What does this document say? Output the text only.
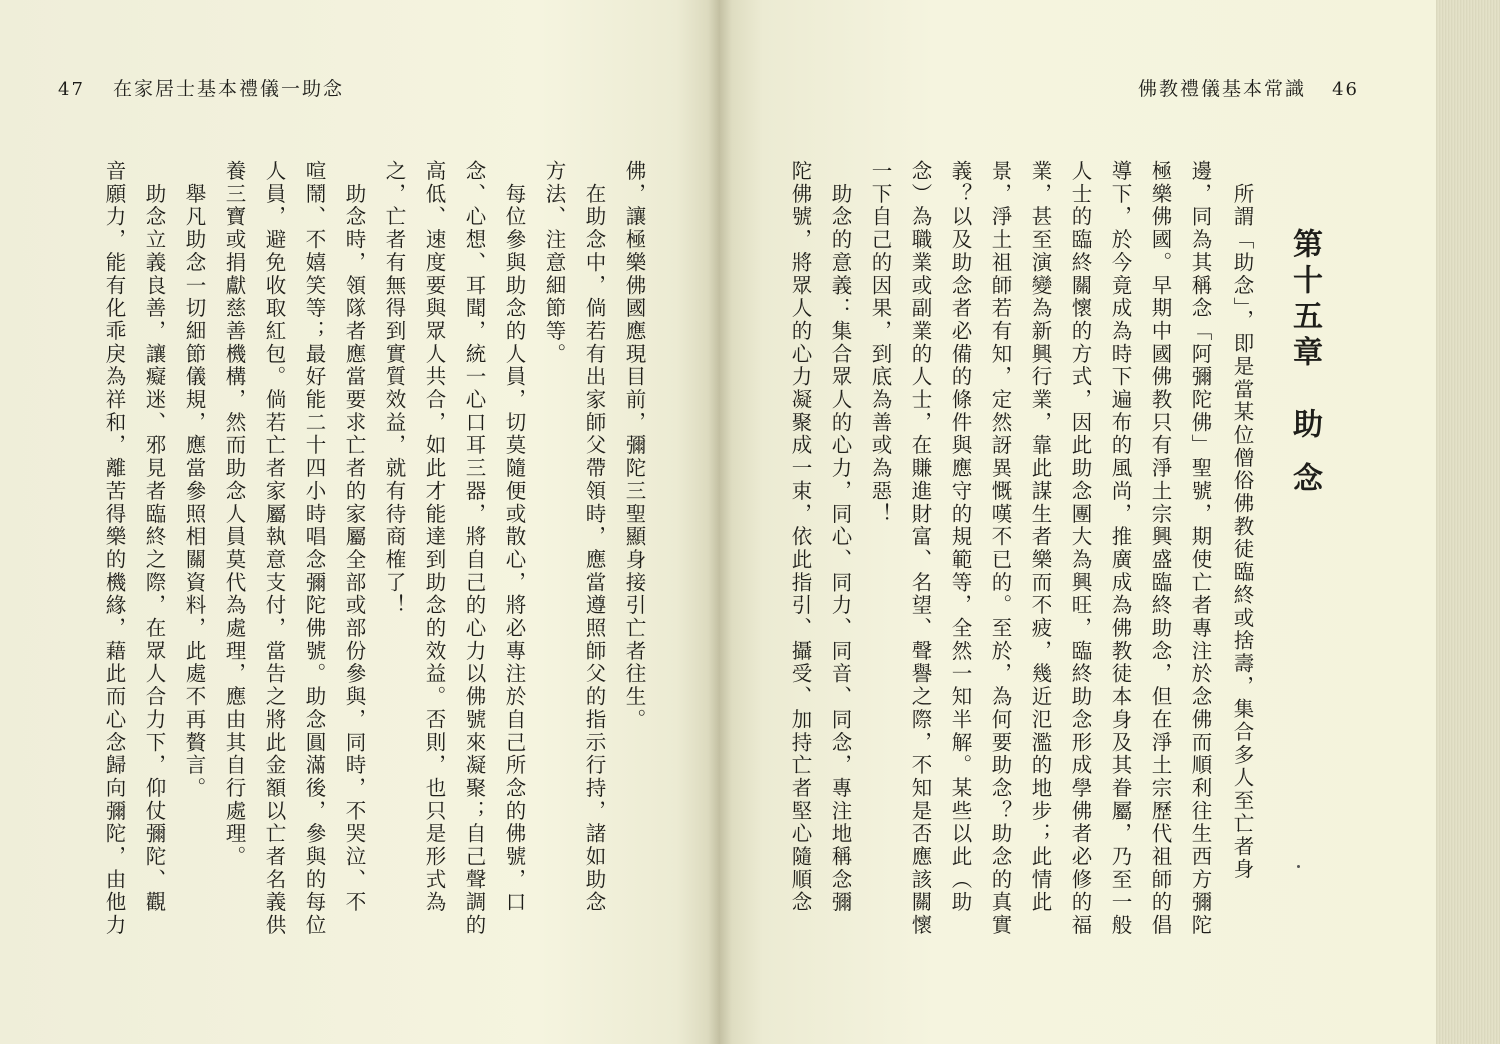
47 在家居士基本禮儀一助念	佛教禮儀基本常識 46
第十五章助念
　所謂「助念」，即是當某位僧俗佛教徒臨終或捨壽，集合多人至亡者身
邊，同為其稱念「阿彌陀佛」聖號，期使亡者專注於念佛而順利往生西方彌陀
極樂佛國。早期中國佛教只有淨土宗興盛臨終助念，但在淨土宗歷代祖師的倡
導下，於今竟成為時下遍布的風尚，推廣成為佛教徒本身及其眷屬，乃至一般
人士的臨終關懷的方式，因此助念團大為興旺，臨終助念形成學佛者必修的福
業，甚至演變為新興行業，靠此謀生者樂而不疲，幾近氾濫的地步；此情此
景，淨土祖師若有知，定然訝異慨嘆不已的。至於，為何要助念？助念的真實
義？以及助念者必備的條件與應守的規範等，全然一知半解。某些以此（助
念）為職業或副業的人士，在賺進財富、名望、聲譽之際，不知是否應該關懷
一下自己的因果，到底為善或為惡！
　助念的意義：集合眾人的心力，同心、同力、同音、同念，專注地稱念彌
陀佛號，將眾人的心力凝聚成一束，依此指引、攝受、加持亡者堅心隨順念
佛，讓極樂佛國應現目前，彌陀三聖顯身接引亡者往生。
　在助念中，倘若有出家師父帶領時，應當遵照師父的指示行持，諸如助念
方法、注意細節等。
　每位參與助念的人員，切莫隨便或散心，將必專注於自己所念的佛號，口
念、心想、耳聞，統一心口耳三器，將自己的心力以佛號來凝聚；自己聲調的
高低、速度要與眾人共合，如此才能達到助念的效益。否則，也只是形式為
之，亡者有無得到實質效益，就有待商榷了！
　助念時，領隊者應當要求亡者的家屬全部或部份參與，同時，不哭泣、不
喧鬧、不嬉笑等；最好能二十四小時唱念彌陀佛號。助念圓滿後，參與的每位
人員，避免收取紅包。倘若亡者家屬執意支付，當告之將此金額以亡者名義供
養三寶或捐獻慈善機構，然而助念人員莫代為處理，應由其自行處理。
　舉凡助念一切細節儀規，應當參照相關資料，此處不再贅言。
　助念立義良善，讓癡迷、邪見者臨終之際，在眾人合力下，仰仗彌陀、觀
音願力，能有化乖戾為祥和，離苦得樂的機緣，藉此而心念歸向彌陀，由他力
